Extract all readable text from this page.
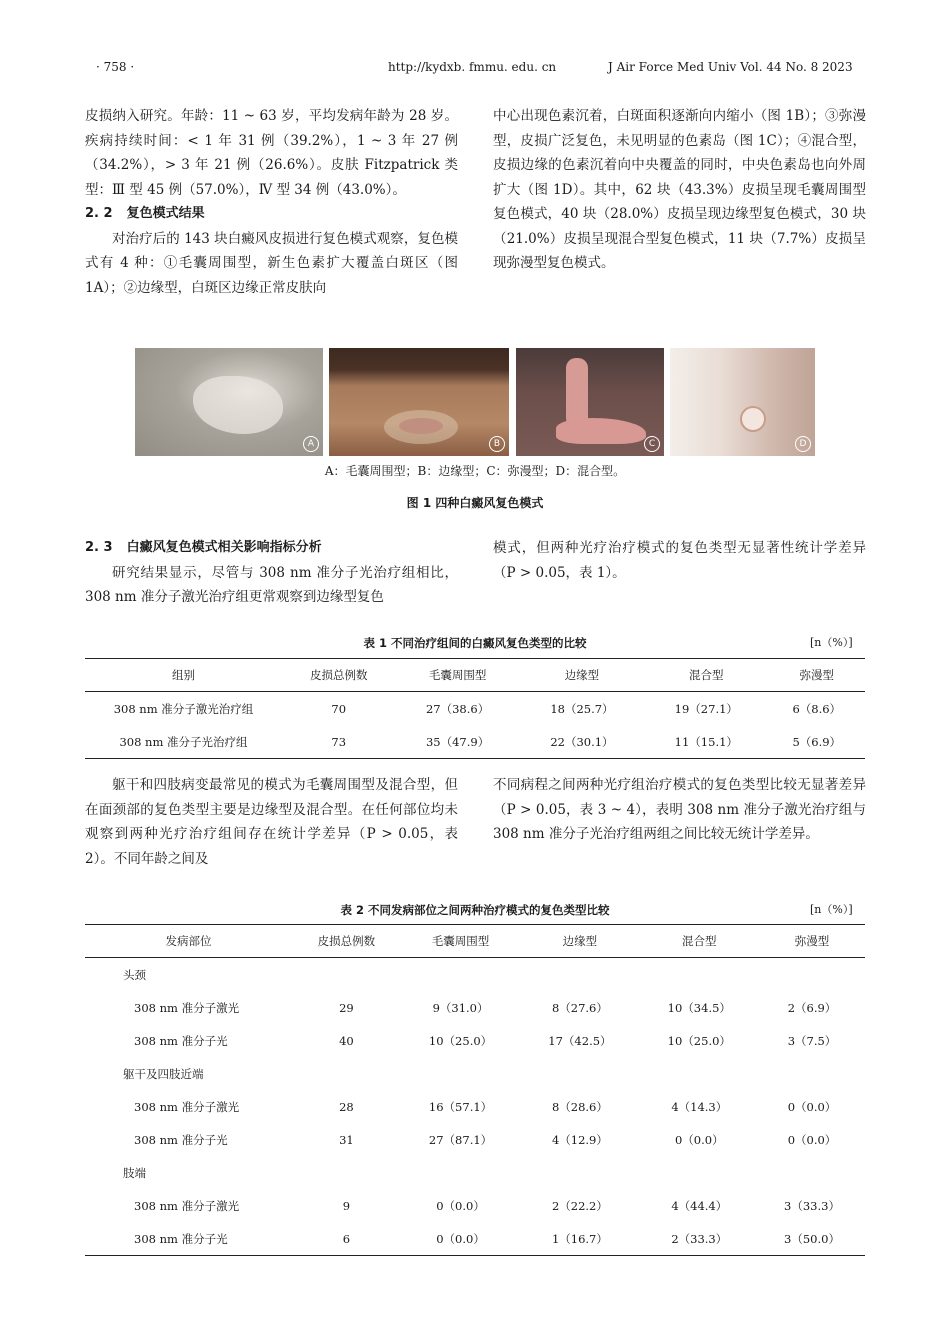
· 758 ·	http://kydxb. fmmu. edu. cn	J Air Force Med Univ Vol. 44 No. 8 2023

皮损纳入研究。年龄：11 ~ 63 岁，平均发病年龄为 28 岁。疾病持续时间：< 1 年 31 例（39.2%），1 ~ 3 年 27 例（34.2%），> 3 年 21 例（26.6%）。皮肤 Fitzpatrick 类型：Ⅲ 型 45 例（57.0%），Ⅳ 型 34 例（43.0%）。

2. 2 复色模式结果

对治疗后的 143 块白癜风皮损进行复色模式观察，复色模式有 4 种：①毛囊周围型，新生色素扩大覆盖白斑区（图 1A）；②边缘型，白斑区边缘正常皮肤向

中心出现色素沉着，白斑面积逐渐向内缩小（图 1B）；③弥漫型，皮损广泛复色，未见明显的色素岛（图 1C）；④混合型，皮损边缘的色素沉着向中央覆盖的同时，中央色素岛也向外周扩大（图 1D）。其中，62 块（43.3%）皮损呈现毛囊周围型复色模式，40 块（28.0%）皮损呈现边缘型复色模式，30 块（21.0%）皮损呈现混合型复色模式，11 块（7.7%）皮损呈现弥漫型复色模式。

A	B	C	D
A：毛囊周围型；B：边缘型；C：弥漫型；D：混合型。
图 1 四种白癜风复色模式

2. 3 白癜风复色模式相关影响指标分析

研究结果显示，尽管与 308 nm 准分子光治疗组相比，308 nm 准分子激光治疗组更常观察到边缘型复色

模式，但两种光疗治疗模式的复色类型无显著性统计学差异（P > 0.05，表 1）。

表 1 不同治疗组间的白癜风复色类型的比较	[n（%）]
组别	皮损总例数	毛囊周围型	边缘型	混合型	弥漫型
308 nm 准分子激光治疗组	70	27（38.6）	18（25.7）	19（27.1）	6（8.6）
308 nm 准分子光治疗组	73	35（47.9）	22（30.1）	11（15.1）	5（6.9）

躯干和四肢病变最常见的模式为毛囊周围型及混合型，但在面颈部的复色类型主要是边缘型及混合型。在任何部位均未观察到两种光疗治疗组间存在统计学差异（P > 0.05，表 2）。不同年龄之间及

不同病程之间两种光疗组治疗模式的复色类型比较无显著差异（P > 0.05，表 3 ~ 4），表明 308 nm 准分子激光治疗组与 308 nm 准分子光治疗组两组之间比较无统计学差异。

表 2 不同发病部位之间两种治疗模式的复色类型比较	[n（%）]
发病部位	皮损总例数	毛囊周围型	边缘型	混合型	弥漫型
头颈					
308 nm 准分子激光	29	9（31.0）	8（27.6）	10（34.5）	2（6.9）
308 nm 准分子光	40	10（25.0）	17（42.5）	10（25.0）	3（7.5）
躯干及四肢近端					
308 nm 准分子激光	28	16（57.1）	8（28.6）	4（14.3）	0（0.0）
308 nm 准分子光	31	27（87.1）	4（12.9）	0（0.0）	0（0.0）
肢端					
308 nm 准分子激光	9	0（0.0）	2（22.2）	4（44.4）	3（33.3）
308 nm 准分子光	6	0（0.0）	1（16.7）	2（33.3）	3（50.0）
